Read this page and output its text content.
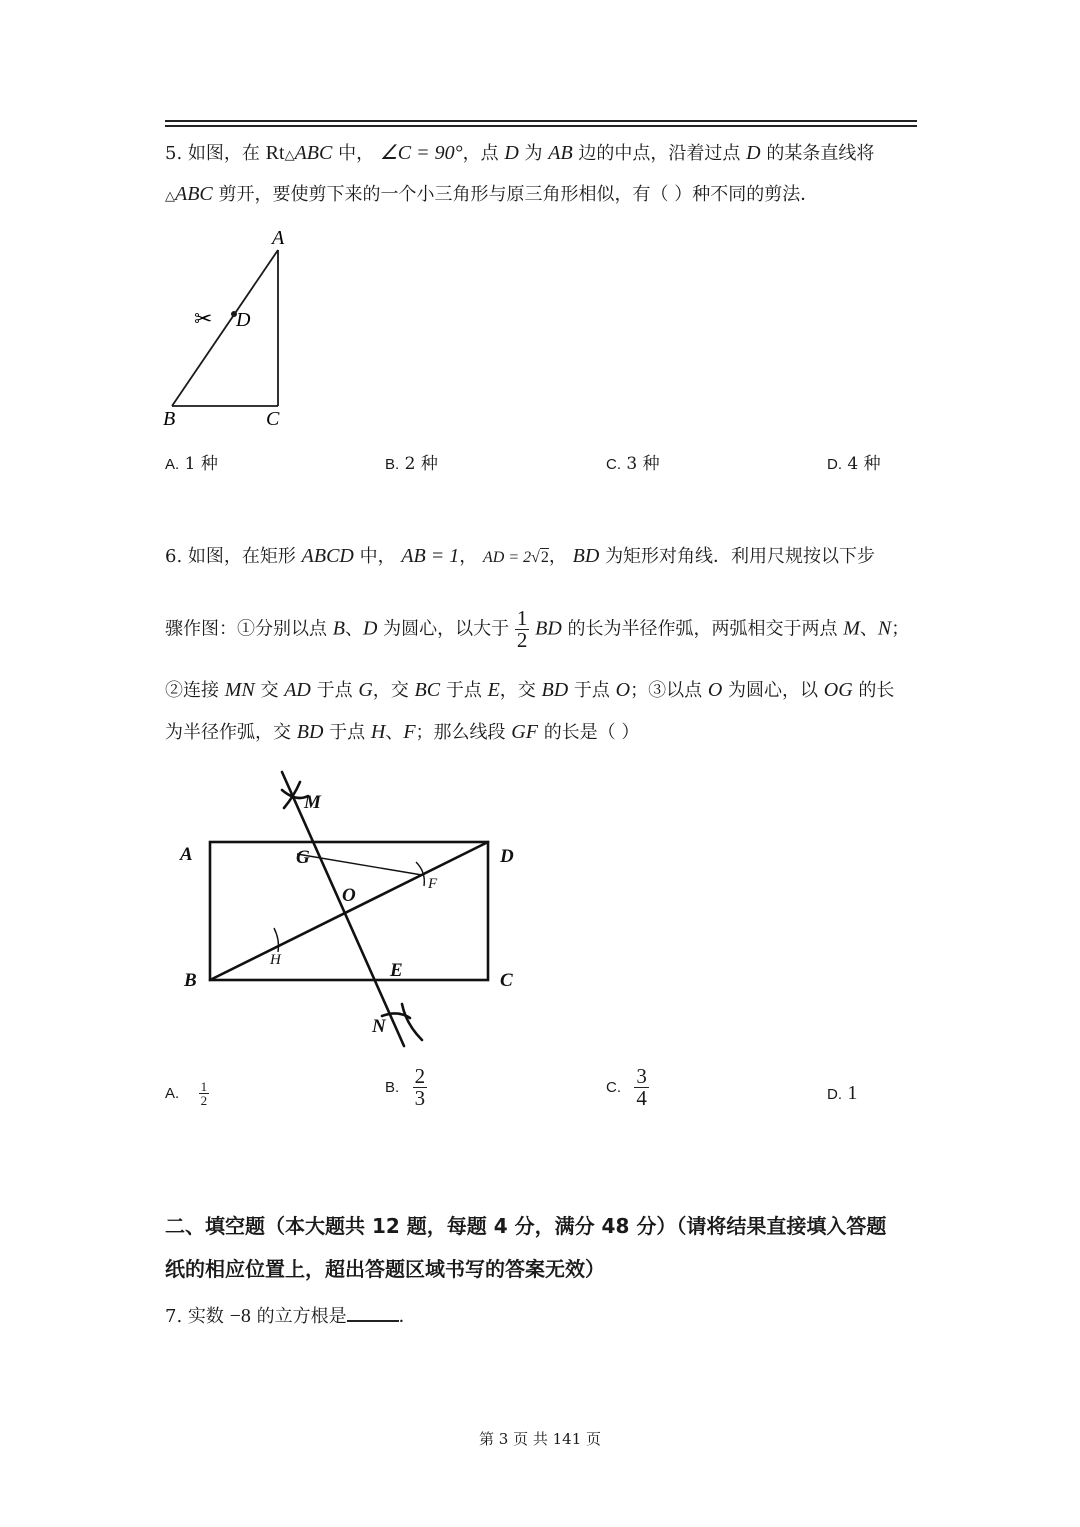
5. 如图，在 Rt△ABC 中， ∠C = 90°，点 D 为 AB 边的中点，沿着过点 D 的某条直线将
△ABC 剪开，要使剪下来的一个小三角形与原三角形相似，有（ ）种不同的剪法．
A
B	C
D
✂
A. 1 种	B. 2 种	C. 3 种	D. 4 种
6. 如图，在矩形 ABCD 中， AB = 1， AD = 2√2， BD 为矩形对角线．利用尺规按以下步
骤作图：①分别以点 B、D 为圆心，以大于 $\frac{1}{2}$ BD 的长为半径作弧，两弧相交于两点 M、N；
②连接 MN 交 AD 于点 G，交 BC 于点 E，交 BD 于点 O；③以点 O 为圆心，以 OG 的长
为半径作弧，交 BD 于点 H、F；那么线段 GF 的长是（ ）
A
B	C
D
M
N
G
O
E
F
H
A. $\frac{1}{2}$	B. $\frac{2}{3}$	C. $\frac{3}{4}$	D. 1
二、填空题（本大题共 12 题，每题 4 分，满分 48 分）（请将结果直接填入答题
纸的相应位置上，超出答题区域书写的答案无效）
7. 实数 −8 的立方根是	．
第 3 页 共 141 页
